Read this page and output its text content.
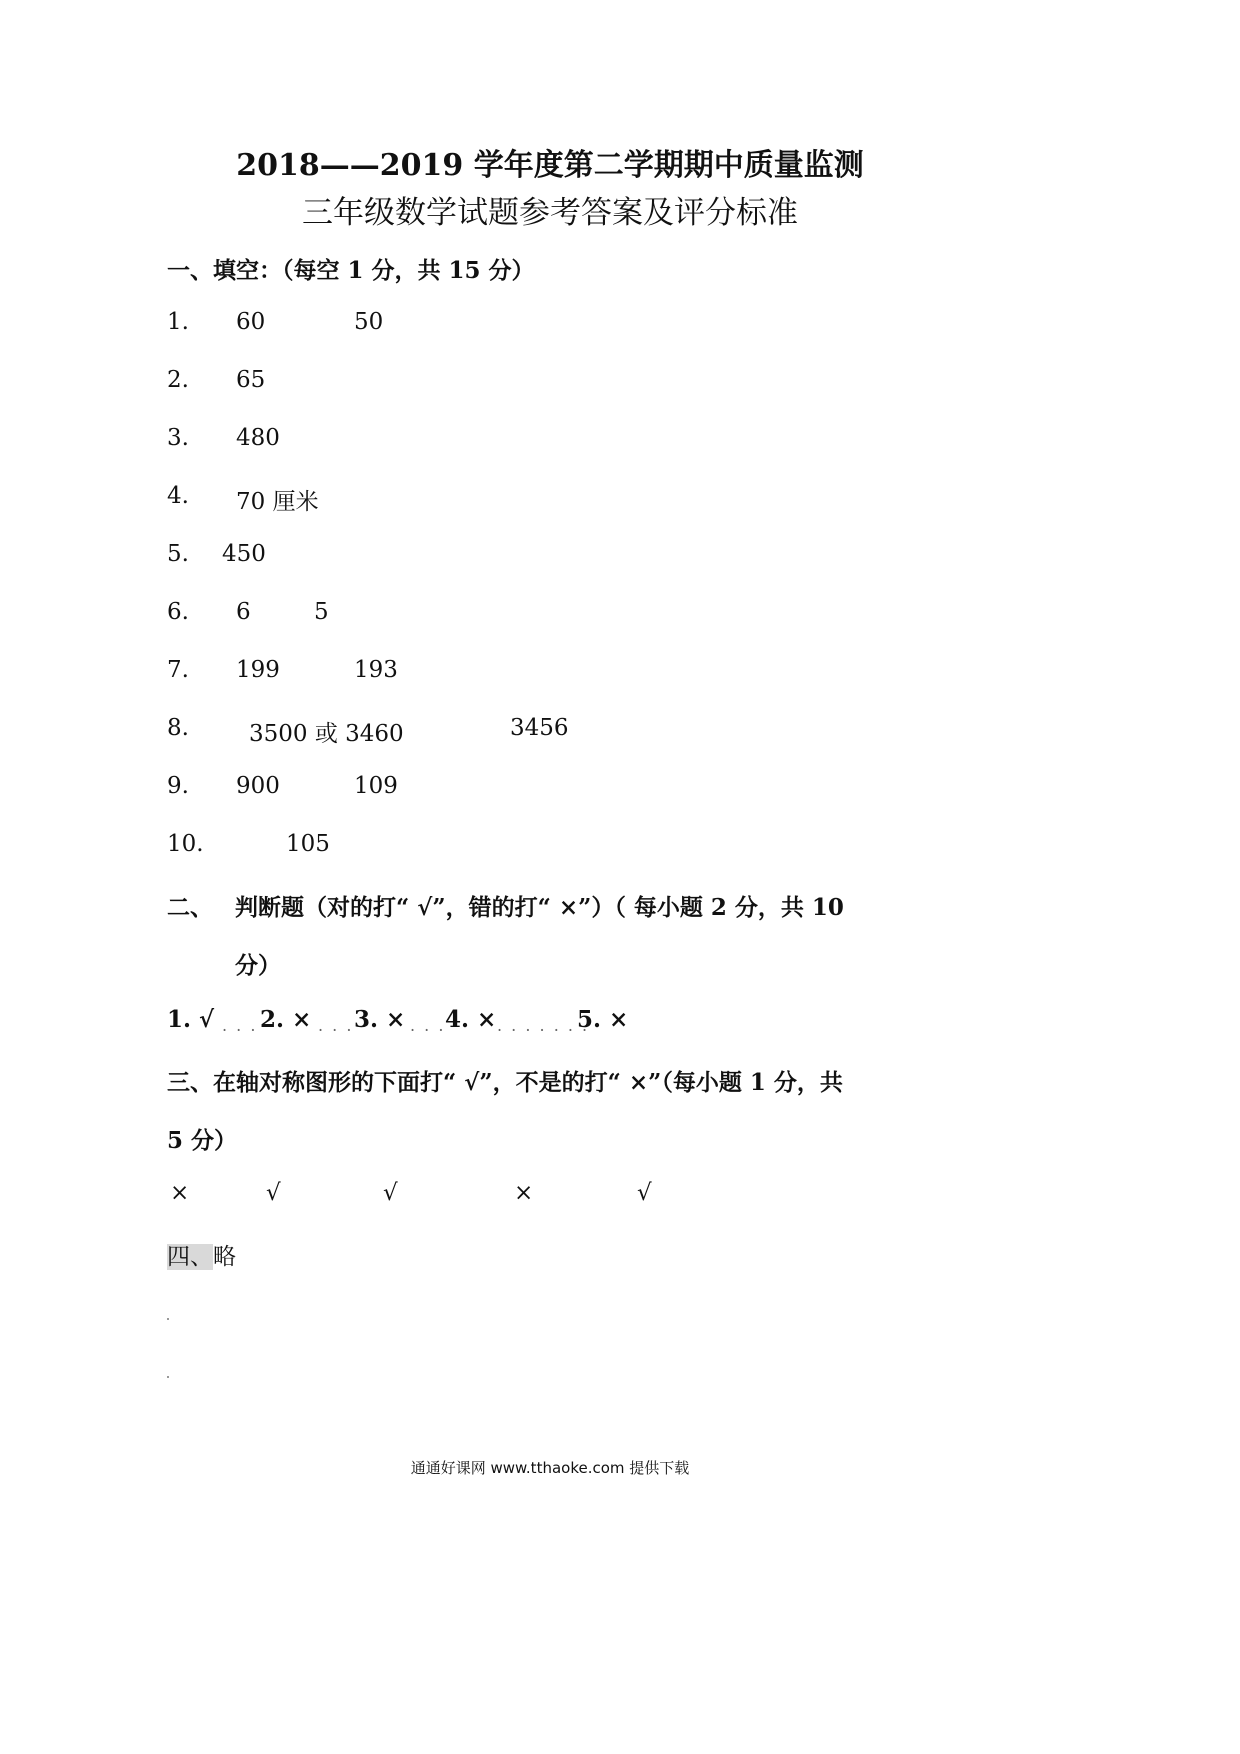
2018——2019 学年度第二学期期中质量监测
三年级数学试题参考答案及评分标准
一、填空：（每空 1 分，共 15 分）
1. 60	50
2. 65
3. 480
4. 70 厘米
5. 450
6. 6	5
7. 199	193
8.	3500 或 3460	3456
9. 900	109
10.	105
二、 判断题（对的打“ √”，错的打“ ×”）（ 每小题 2 分，共 10
分）
1. √ . . . 2. × . . . 3. × . . . 4. × . . . . . . .
5. ×
三、在轴对称图形的下面打“ √”，不是的打“ ×”（每小题 1 分，共
5 分）
×	√	√	×	√
四、略
通通好课网 www.tthaoke.com 提供下载
